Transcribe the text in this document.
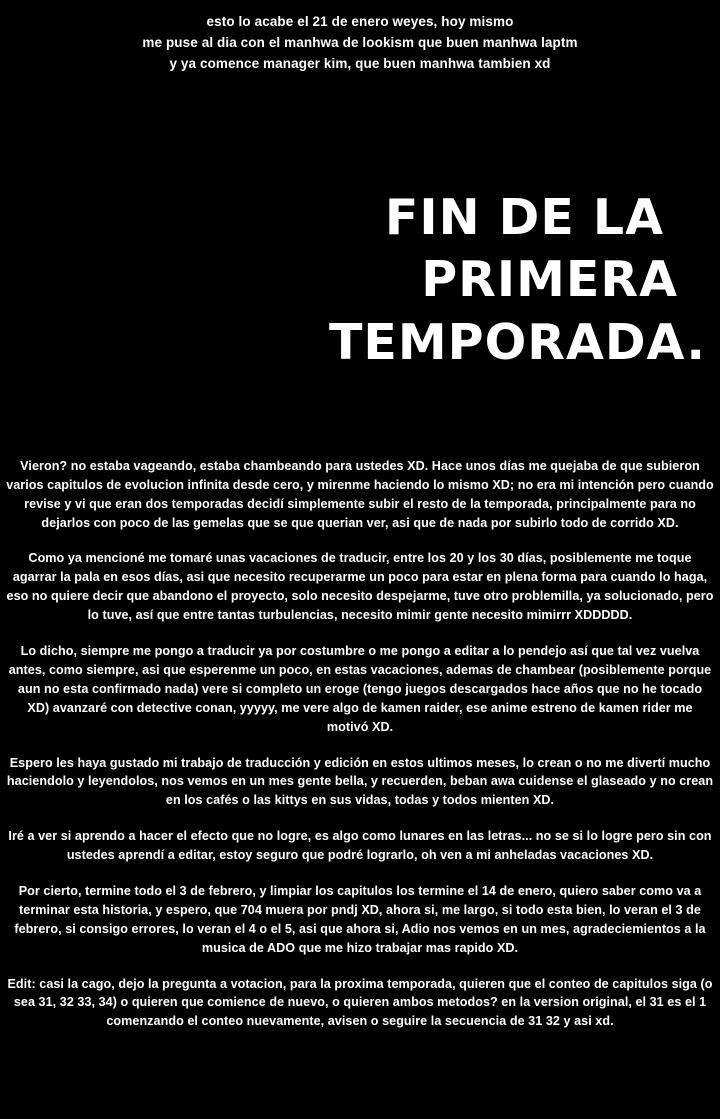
esto lo acabe el 21 de enero weyes, hoy mismo
me puse al dia con el manhwa de lookism que buen manhwa laptm
y ya comence manager kim, que buen manhwa tambien xd
FIN DE LA
PRIMERA
TEMPORADA.

Vieron? no estaba vageando, estaba chambeando para ustedes XD. Hace unos días me quejaba de que subieron varios capitulos de evolucion infinita desde cero, y mirenme haciendo lo mismo XD; no era mi intención pero cuando revise y vi que eran dos temporadas decidí simplemente subir el resto de la temporada, principalmente para no dejarlos con poco de las gemelas que se que querian ver, asi que de nada por subirlo todo de corrido XD.

Como ya mencioné me tomaré unas vacaciones de traducir, entre los 20 y los 30 días, posiblemente me toque agarrar la pala en esos días, asi que necesito recuperarme un poco para estar en plena forma para cuando lo haga, eso no quiere decir que abandono el proyecto, solo necesito despejarme, tuve otro problemilla, ya solucionado, pero lo tuve, así que entre tantas turbulencias, necesito mimir gente necesito mimirrr XDDDDD.

Lo dicho, siempre me pongo a traducir ya por costumbre o me pongo a editar a lo pendejo así que tal vez vuelva antes, como siempre, asi que esperenme un poco, en estas vacaciones, ademas de chambear (posiblemente porque aun no esta confirmado nada) vere si completo un eroge (tengo juegos descargados hace años que no he tocado XD) avanzaré con detective conan, yyyyy, me vere algo de kamen raider, ese anime estreno de kamen rider me motivó XD.

Espero les haya gustado mi trabajo de traducción y edición en estos ultimos meses, lo crean o no me divertí mucho haciendolo y leyendolos, nos vemos en un mes gente bella, y recuerden, beban awa cuidense el glaseado y no crean en los cafés o las kittys en sus vidas, todas y todos mienten XD.

Iré a ver si aprendo a hacer el efecto que no logre, es algo como lunares en las letras... no se si lo logre pero sin con ustedes aprendí a editar, estoy seguro que podré lograrlo, oh ven a mi anheladas vacaciones XD.

Por cierto, termine todo el 3 de febrero, y limpiar los capitulos los termine el 14 de enero, quiero saber como va a terminar esta historia, y espero, que 704 muera por pndj XD, ahora si, me largo, si todo esta bien, lo veran el 3 de febrero, si consigo errores, lo veran el 4 o el 5, asi que ahora si, Adio nos vemos en un mes, agradeciemientos a la musica de ADO que me hizo trabajar mas rapido XD.

Edit: casi la cago, dejo la pregunta a votacion, para la proxima temporada, quieren que el conteo de capitulos siga (o sea 31, 32 33, 34) o quieren que comience de nuevo, o quieren ambos metodos? en la version original, el 31 es el 1 comenzando el conteo nuevamente, avisen o seguire la secuencia de 31 32 y asi xd.
